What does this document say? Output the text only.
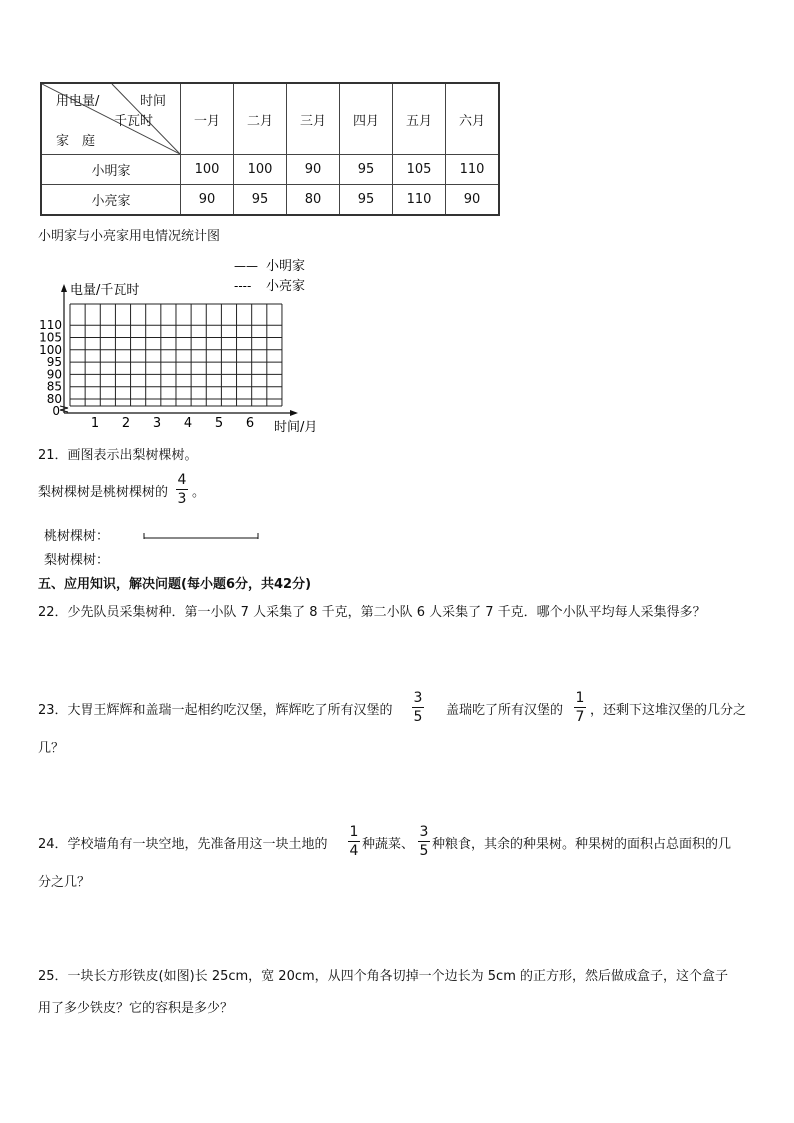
用电量/ 时间
千瓦时
家　庭	一月	二月	三月	四月	五月	六月
小明家	100	100	90	95	105	110
小亮家	90	95	80	95	110	90
小明家与小亮家用电情况统计图
0
80
85
90
95
100
105
110
1 2 3 4 5 6
电量/千瓦时
时间/月
—— 小明家
---- 小亮家
21．画图表示出梨树棵树。
梨树棵树是桃树棵树的
4
3 。
桃树棵树：
梨树棵树：
五、应用知识，解决问题(每小题6分，共42分)
22．少先队员采集树种．第一小队 7 人采集了 8 千克，第二小队 6 人采集了 7 千克．哪个小队平均每人采集得多？
23．大胃王辉辉和盖瑞一起相约吃汉堡，辉辉吃了所有汉堡的
3
5 盖瑞吃了所有汉堡的
1
7 ，还剩下这堆汉堡的几分之
几？
24．学校墙角有一块空地，先准备用这一块土地的
1
4 种蔬菜、
3
5 种粮食，其余的种果树。种果树的面积占总面积的几
分之几？
25．一块长方形铁皮(如图)长 25cm，宽 20cm，从四个角各切掉一个边长为 5cm 的正方形，然后做成盒子，这个盒子
用了多少铁皮？它的容积是多少？
